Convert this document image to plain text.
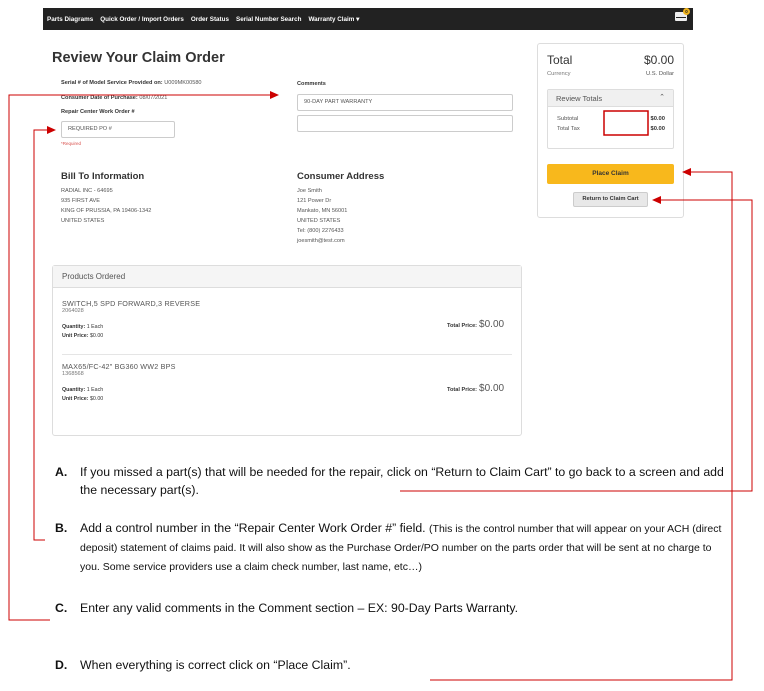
Parts Diagrams Quick Order / Import Orders Order Status Serial Number Search Warranty Claim ▾
0
Review Your Claim Order
Serial # of Model Service Provided on: U009MK00580
Consumer Date of Purchase: 08/07/2021
Repair Center Work Order #
REQUIRED PO #
*Required
Comments
90-DAY PART WARRANTY
Bill To Information
RADIAL INC - 64695
935 FIRST AVE
KING OF PRUSSIA, PA 19406-1342
UNITED STATES
Consumer Address
Joe Smith
121 Power Dr
Mankato, MN 56001
UNITED STATES
Tel: (800) 2276433
joesmith@test.com
Products Ordered
SWITCH,5 SPD FORWARD,3 REVERSE
2064028
Quantity: 1 Each
Unit Price: $0.00
Total Price: $0.00
MAX65/FC-42" BG360 WW2 BPS
1368568
Quantity: 1 Each
Unit Price: $0.00
Total Price: $0.00
Total	$0.00
Currency	U.S. Dollar
Review Totals	⌃
Subtotal	$0.00
Total Tax	$0.00
Place Claim
Return to Claim Cart
A. If you missed a part(s) that will be needed for the repair, click on “Return to Claim Cart” to go back to a screen and add the necessary part(s).
B. Add a control number in the “Repair Center Work Order #” field. (This is the control number that will appear on your ACH (direct deposit) statement of claims paid. It will also show as the Purchase Order/PO number on the parts order that will be sent at no charge to you. Some service providers use a claim check number, last name, etc…)
C. Enter any valid comments in the Comment section – EX: 90-Day Parts Warranty.
D. When everything is correct click on “Place Claim”.
